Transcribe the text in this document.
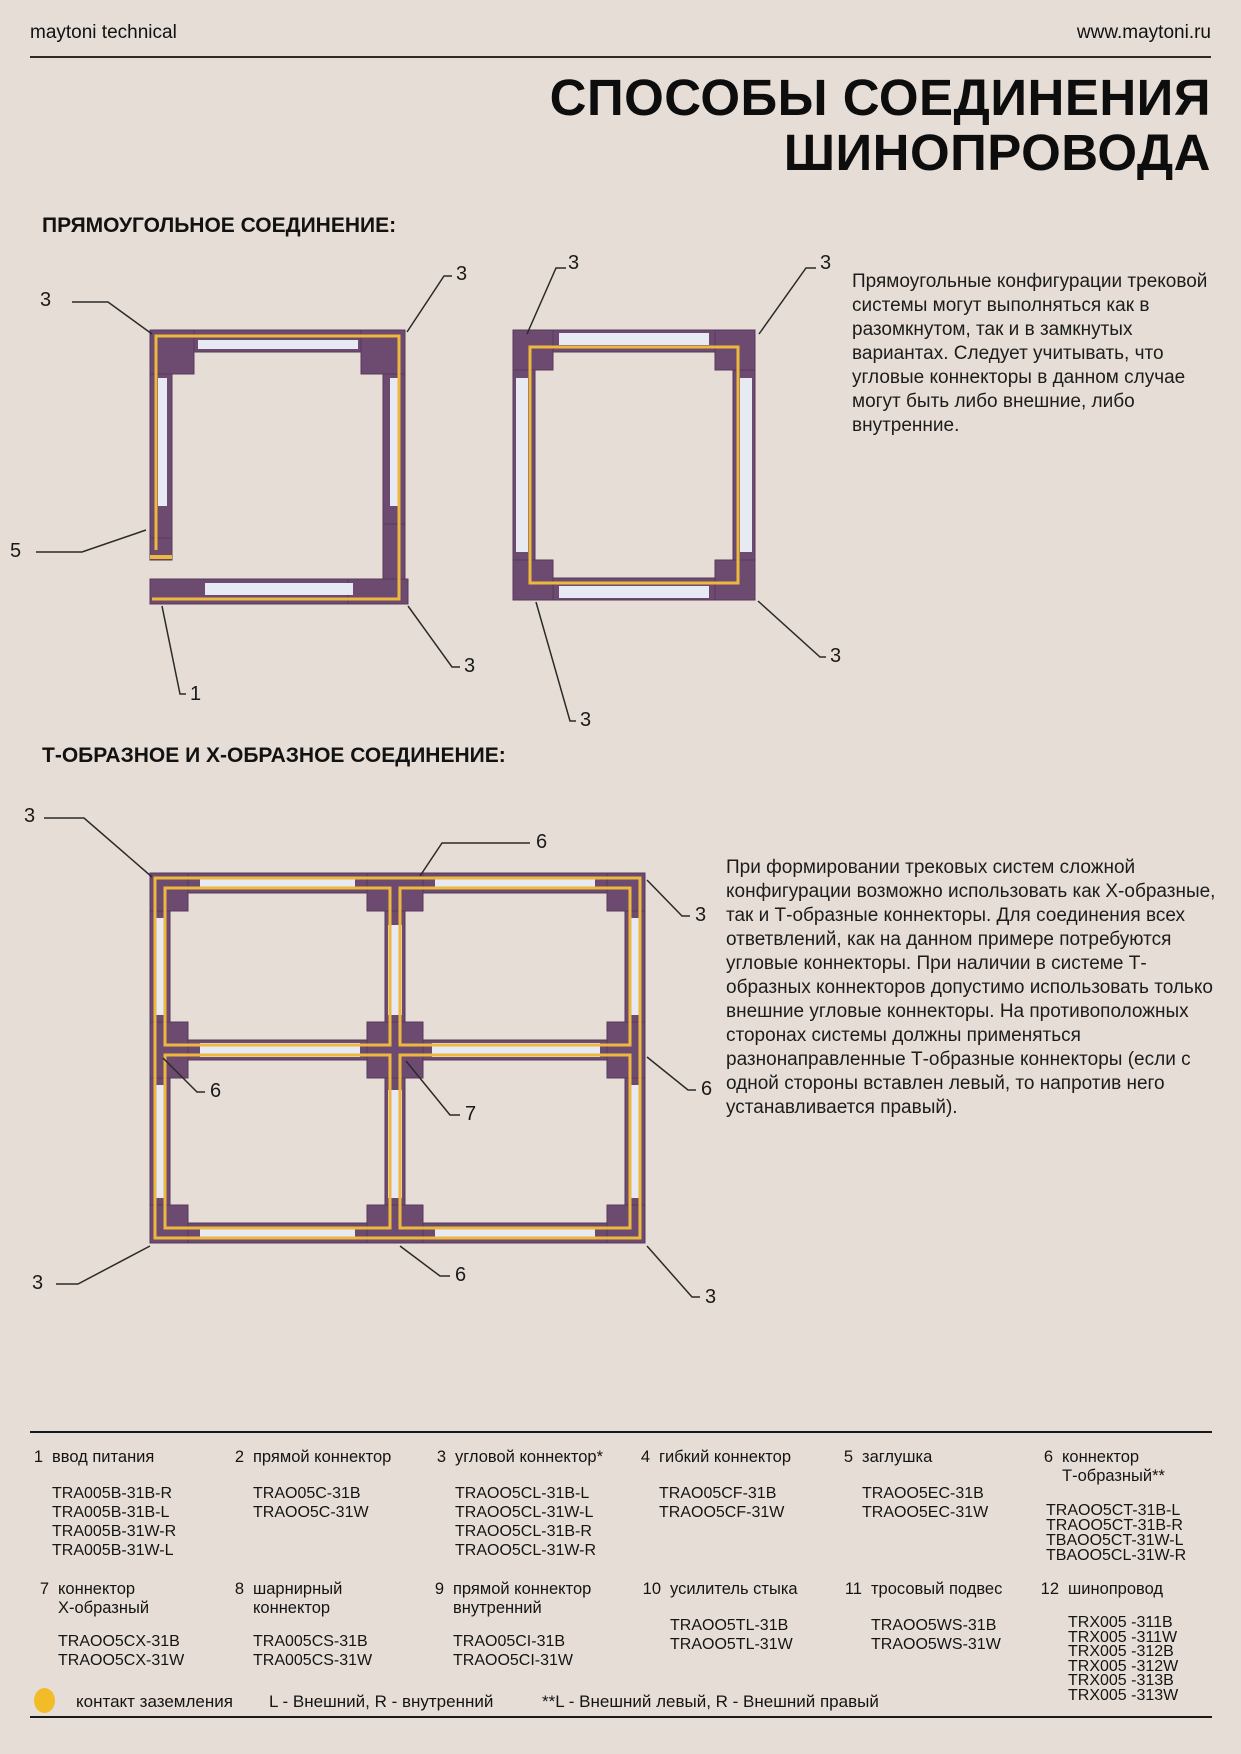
maytoni technical	www.maytoni.ru
СПОСОБЫ СОЕДИНЕНИЯ
ШИНОПРОВОДА
ПРЯМОУГОЛЬНОЕ СОЕДИНЕНИЕ:
Т-ОБРАЗНОЕ И Х-ОБРАЗНОЕ СОЕДИНЕНИЕ:

Прямоугольные конфигурации трековой системы могут выполняться как в разомкнутом, так и в замкнутых вариантах. Следует учитывать, что угловые коннекторы в данном случае могут быть либо внешние, либо внутренние.

При формировании трековых систем сложной конфигурации возможно использовать как Х-образные, так и Т-образные коннекторы. Для соединения всех ответвлений, как на данном примере потребуются угловые коннекторы. При наличии в системе Т-образных коннекторов допустимо использовать только внешние угловые коннекторы. На противоположных сторонах системы должны применяться разнонаправленные Т-образные коннекторы (если с одной стороны вставлен левый, то напротив него устанавливается правый).

3
3
5
1
3
3	3
3
3
3
6
3
6
7
6
3	6
3
1 ввод питания
TRA005B-31B-R
TRA005B-31B-L
TRA005B-31W-R
TRA005B-31W-L
2 прямой коннектор
TRAO05C-31B
TRAOO5C-31W
3 угловой коннектор*
TRAOO5CL-31B-L
TRAOO5CL-31W-L
TRAOO5CL-31B-R
TRAOO5CL-31W-R
4 гибкий коннектор
TRAO05CF-31B
TRAOO5CF-31W
5 заглушка
TRAOO5EC-31B
TRAOO5EC-31W
6 коннектор
Т-образный**
TRAOO5CT-31B-L
TRAOO5CT-31B-R
TBAOO5CT-31W-L
TBAOO5CL-31W-R
7 коннектор
Х-образный
TRAOO5CX-31B
TRAOO5CX-31W
8 шарнирный
коннектор
TRA005CS-31B
TRA005CS-31W
9 прямой коннектор
внутренний
TRAO05CI-31B
TRAOO5CI-31W
10 усилитель стыка
TRAOO5TL-31B
TRAOO5TL-31W
11 тросовый подвес
TRAOO5WS-31B
TRAOO5WS-31W
12 шинопровод
TRX005 -311B
TRX005 -311W
TRX005 -312B
TRX005 -312W
TRX005 -313B
TRX005 -313W
контакт заземления L - Внешний, R - внутренний	**L - Внешний левый, R - Внешний правый
